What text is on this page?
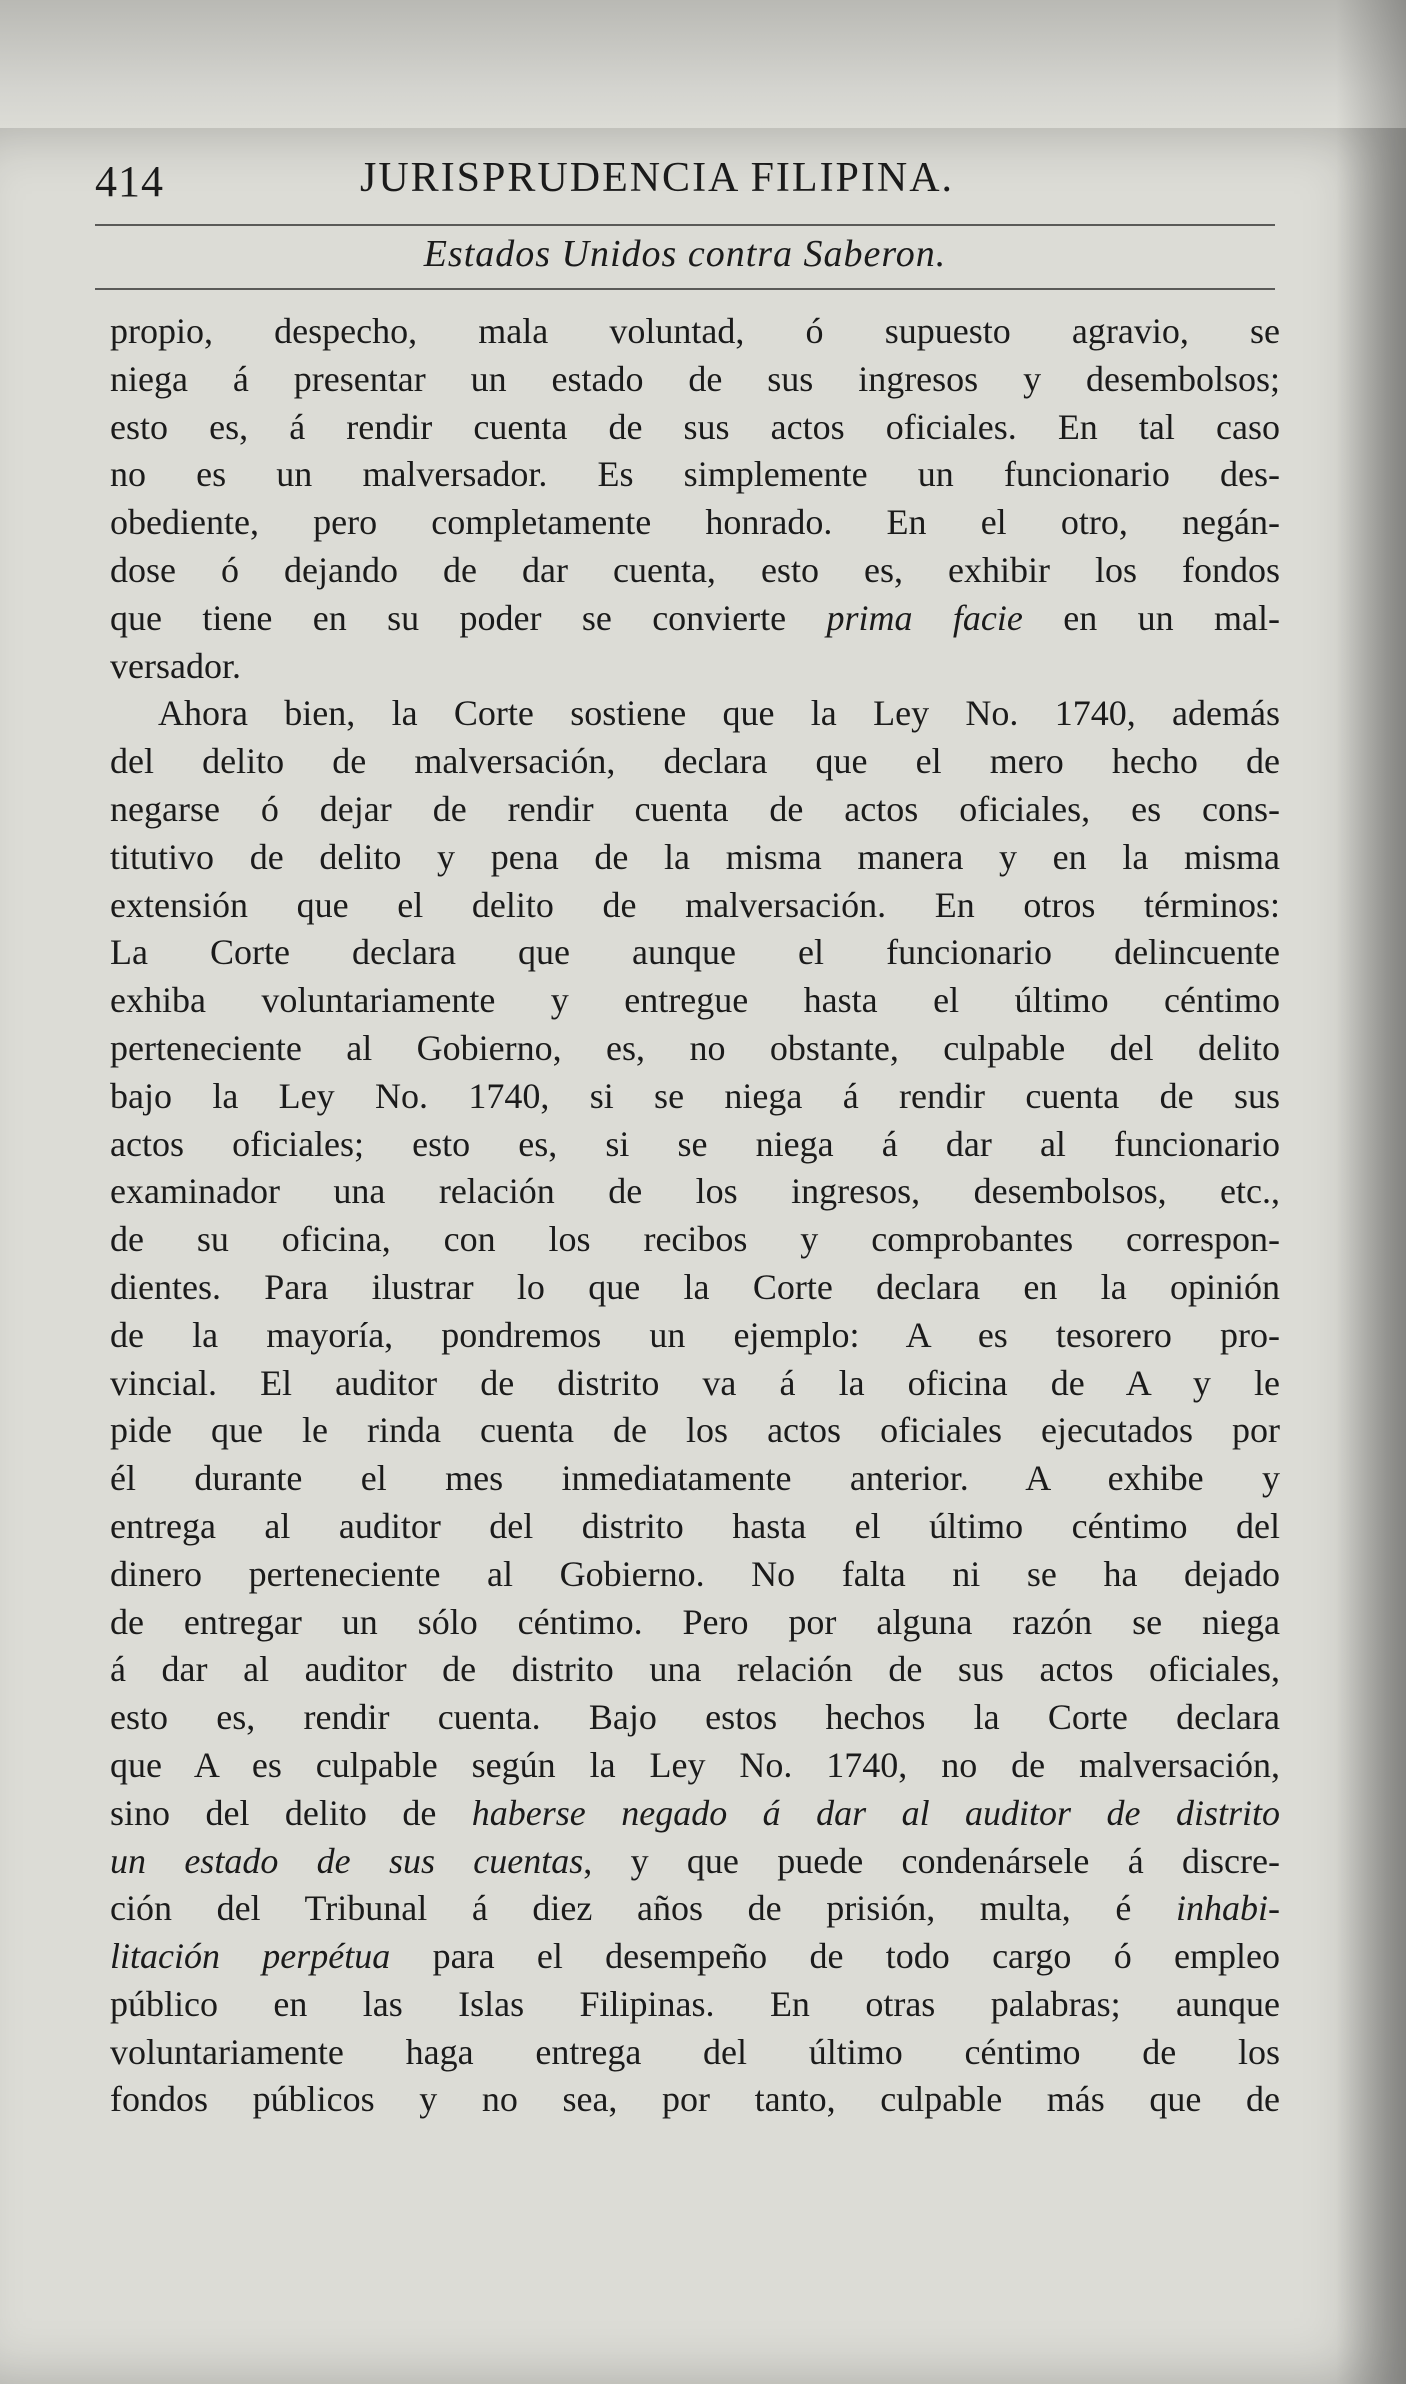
414	JURISPRUDENCIA FILIPINA.
Estados Unidos contra Saberon.
propio, despecho, mala voluntad, ó supuesto agravio, se
niega á presentar un estado de sus ingresos y desembolsos;
esto es, á rendir cuenta de sus actos oficiales. En tal caso
no es un malversador. Es simplemente un funcionario des-
obediente, pero completamente honrado. En el otro, negán-
dose ó dejando de dar cuenta, esto es, exhibir los fondos
que tiene en su poder se convierte prima facie en un mal-
versador.
Ahora bien, la Corte sostiene que la Ley No. 1740, además
del delito de malversación, declara que el mero hecho de
negarse ó dejar de rendir cuenta de actos oficiales, es cons-
titutivo de delito y pena de la misma manera y en la misma
extensión que el delito de malversación. En otros términos:
La Corte declara que aunque el funcionario delincuente
exhiba voluntariamente y entregue hasta el último céntimo
perteneciente al Gobierno, es, no obstante, culpable del delito
bajo la Ley No. 1740, si se niega á rendir cuenta de sus
actos oficiales; esto es, si se niega á dar al funcionario
examinador una relación de los ingresos, desembolsos, etc.,
de su oficina, con los recibos y comprobantes correspon-
dientes. Para ilustrar lo que la Corte declara en la opinión
de la mayoría, pondremos un ejemplo: A es tesorero pro-
vincial. El auditor de distrito va á la oficina de A y le
pide que le rinda cuenta de los actos oficiales ejecutados por
él durante el mes inmediatamente anterior. A exhibe y
entrega al auditor del distrito hasta el último céntimo del
dinero perteneciente al Gobierno. No falta ni se ha dejado
de entregar un sólo céntimo. Pero por alguna razón se niega
á dar al auditor de distrito una relación de sus actos oficiales,
esto es, rendir cuenta. Bajo estos hechos la Corte declara
que A es culpable según la Ley No. 1740, no de malversación,
sino del delito de haberse negado á dar al auditor de distrito
un estado de sus cuentas, y que puede condenársele á discre-
ción del Tribunal á diez años de prisión, multa, é inhabi-
litación perpétua para el desempeño de todo cargo ó empleo
público en las Islas Filipinas. En otras palabras; aunque
voluntariamente haga entrega del último céntimo de los
fondos públicos y no sea, por tanto, culpable más que de
